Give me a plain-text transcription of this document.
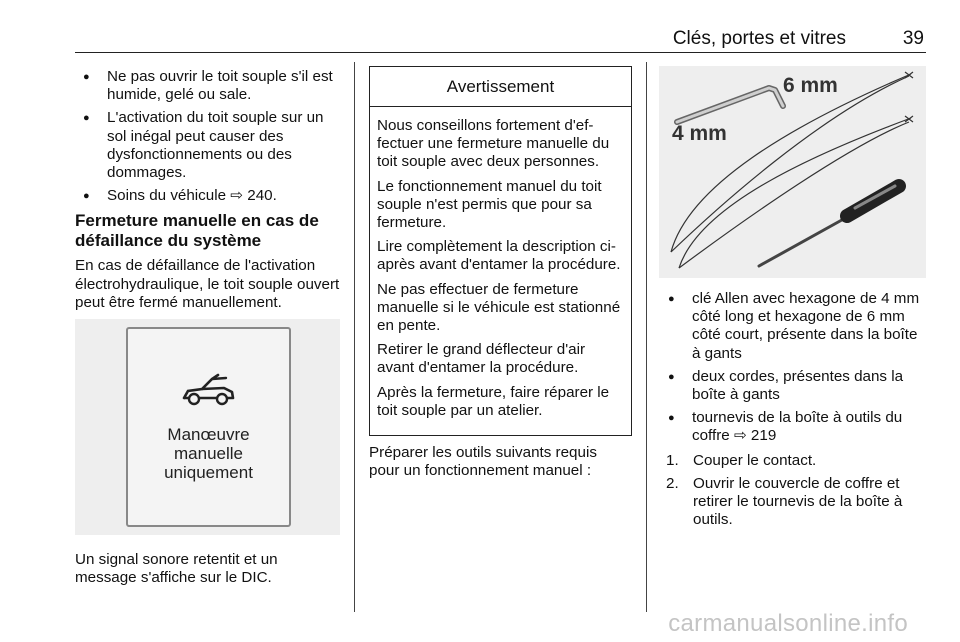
Clés, portes et vitres	39
● Ne pas ouvrir le toit souple s'il est humide, gelé ou sale.
● L'activation du toit souple sur un sol inégal peut causer des dysfonctionnements ou des dommages.
● Soins du véhicule ⇨ 240.
Fermeture manuelle en cas de défaillance du système

En cas de défaillance de l'activation électrohydraulique, le toit souple ouvert peut être fermé manuellement.

Manœuvre
manuelle
uniquement

Un signal sonore retentit et un message s'affiche sur le DIC.

Avertissement

Nous conseillons fortement d'effectuer une fermeture manuelle du toit souple avec deux personnes.

Le fonctionnement manuel du toit souple n'est permis que pour sa fermeture.

Lire complètement la description ci-après avant d'entamer la procédure.

Ne pas effectuer de fermeture manuelle si le véhicule est stationné en pente.

Retirer le grand déflecteur d'air avant d'entamer la procédure.

Après la fermeture, faire réparer le toit souple par un atelier.

Préparer les outils suivants requis pour un fonctionnement manuel :

6 mm
4 mm
● clé Allen avec hexagone de 4 mm côté long et hexagone de 6 mm côté court, présente dans la boîte à gants
● deux cordes, présentes dans la boîte à gants
● tournevis de la boîte à outils du coffre ⇨ 219
1. Couper le contact.
2. Ouvrir le couvercle de coffre et retirer le tournevis de la boîte à outils.
carmanualsonline.info
